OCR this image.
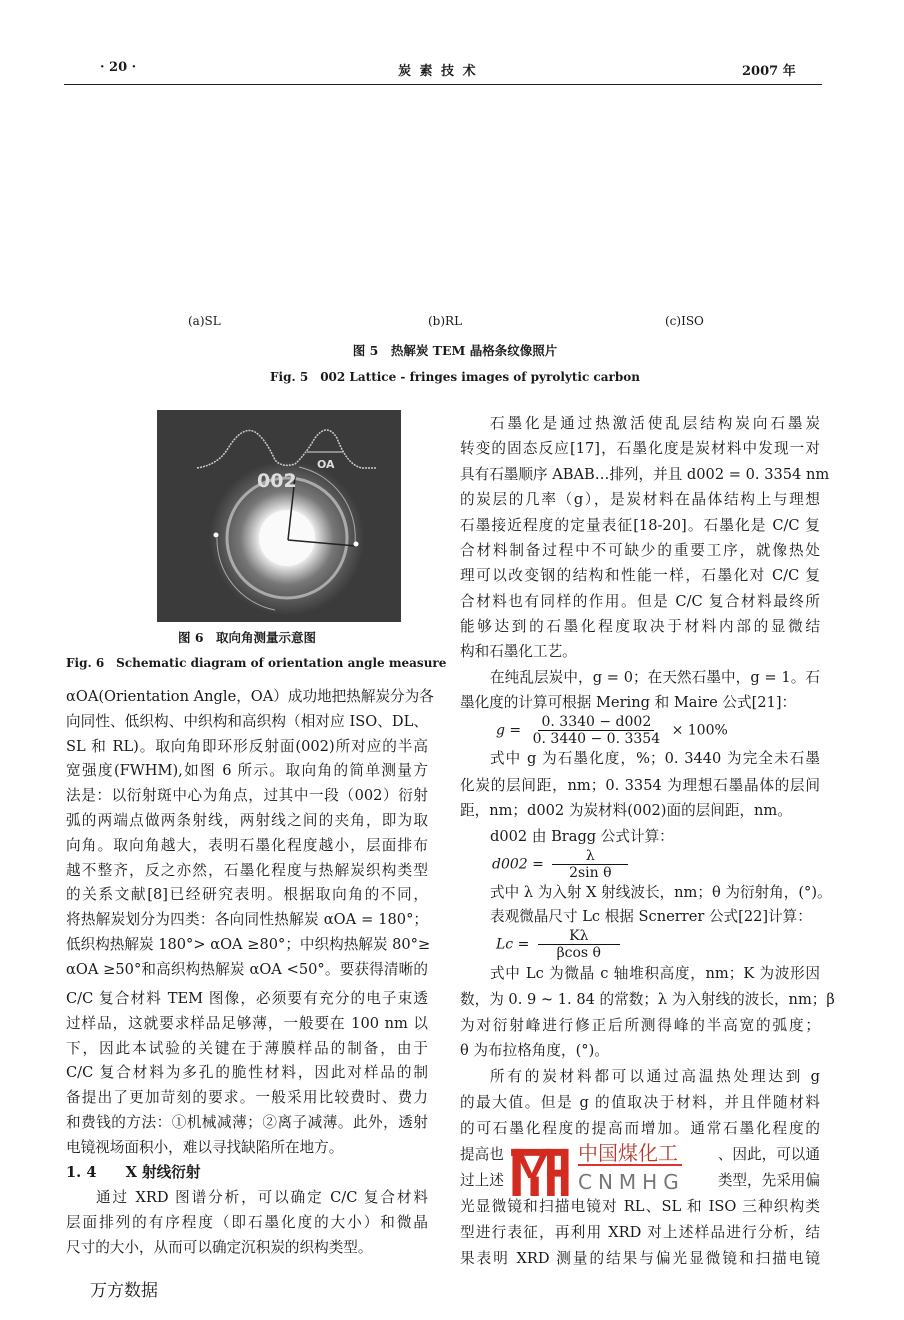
· 20 ·	炭 素 技 术	2007 年
(a)SL	(b)RL	(c)ISO
图 5　热解炭 TEM 晶格条纹像照片
Fig. 5　002 Lattice - fringes images of pyrolytic carbon
002
OA
图 6　取向角测量示意图
Fig. 6　Schematic diagram of orientation angle measure
αOA(Orientation Angle，OA）成功地把热解炭分为各
向同性、低织构、中织构和高织构（相对应 ISO、DL、
SL 和 RL)。取向角即环形反射面(002)所对应的半高
宽强度(FWHM),如图 6 所示。取向角的简单测量方
法是：以衍射斑中心为角点，过其中一段（002）衍射
弧的两端点做两条射线，两射线之间的夹角，即为取
向角。取向角越大，表明石墨化程度越小，层面排布
越不整齐，反之亦然，石墨化程度与热解炭织构类型
的关系文献[8]已经研究表明。根据取向角的不同，
将热解炭划分为四类：各向同性热解炭 αOA = 180°；
低织构热解炭 180°> αOA ≥80°；中织构热解炭 80°≥
αOA ≥50°和高织构热解炭 αOA <50°。要获得清晰的
C/C 复合材料 TEM 图像，必须要有充分的电子束透
过样品，这就要求样品足够薄，一般要在 100 nm 以
下，因此本试验的关键在于薄膜样品的制备，由于
C/C 复合材料为多孔的脆性材料，因此对样品的制
备提出了更加苛刻的要求。一般采用比较费时、费力
和费钱的方法：①机械减薄；②离子减薄。此外，透射
电镜视场面积小，难以寻找缺陷所在地方。
1. 4　　X 射线衍射
通过 XRD 图谱分析，可以确定 C/C 复合材料
层面排列的有序程度（即石墨化度的大小）和微晶
尺寸的大小，从而可以确定沉积炭的织构类型。
石墨化是通过热激活使乱层结构炭向石墨炭
转变的固态反应[17]，石墨化度是炭材料中发现一对
具有石墨顺序 ABAB…排列，并且 d002 = 0. 3354 nm
的炭层的几率（g），是炭材料在晶体结构上与理想
石墨接近程度的定量表征[18-20]。石墨化是 C/C 复
合材料制备过程中不可缺少的重要工序，就像热处
理可以改变钢的结构和性能一样，石墨化对 C/C 复
合材料也有同样的作用。但是 C/C 复合材料最终所
能够达到的石墨化程度取决于材料内部的显微结
构和石墨化工艺。
在纯乱层炭中，g = 0；在天然石墨中，g = 1。石
墨化度的计算可根据 Mering 和 Maire 公式[21]：
式中 g 为石墨化度，%；0. 3440 为完全未石墨
化炭的层间距，nm；0. 3354 为理想石墨晶体的层间
距，nm；d002 为炭材料(002)面的层间距，nm。
d002 由 Bragg 公式计算：
式中 λ 为入射 X 射线波长，nm；θ 为衍射角，(°)。
表观微晶尺寸 Lc 根据 Scnerrer 公式[22]计算：
式中 Lc 为微晶 c 轴堆积高度，nm；K 为波形因
数，为 0. 9 ~ 1. 84 的常数；λ 为入射线的波长，nm；β
为对衍射峰进行修正后所测得峰的半高宽的弧度；
θ 为布拉格角度，(°)。
所有的炭材料都可以通过高温热处理达到 g
的最大值。但是 g 的值取决于材料，并且伴随材料
的可石墨化程度的提高而增加。通常石墨化程度的
提高也	、因此，可以通
过上述	类型，先采用偏
光显微镜和扫描电镜对 RL、SL 和 ISO 三种织构类
型进行表征，再利用 XRD 对上述样品进行分析，结
果表明 XRD 测量的结果与偏光显微镜和扫描电镜
$g = \frac{0. 3340 - d002}{0. 3440 - 0. 3354} \times 100\%$
$d002 = \frac{\lambda}{\text{2sin θ}}$
$Lc = \frac{K\lambda}{\text{βcos θ}}$
中国煤化工
CNMHG
万方数据
